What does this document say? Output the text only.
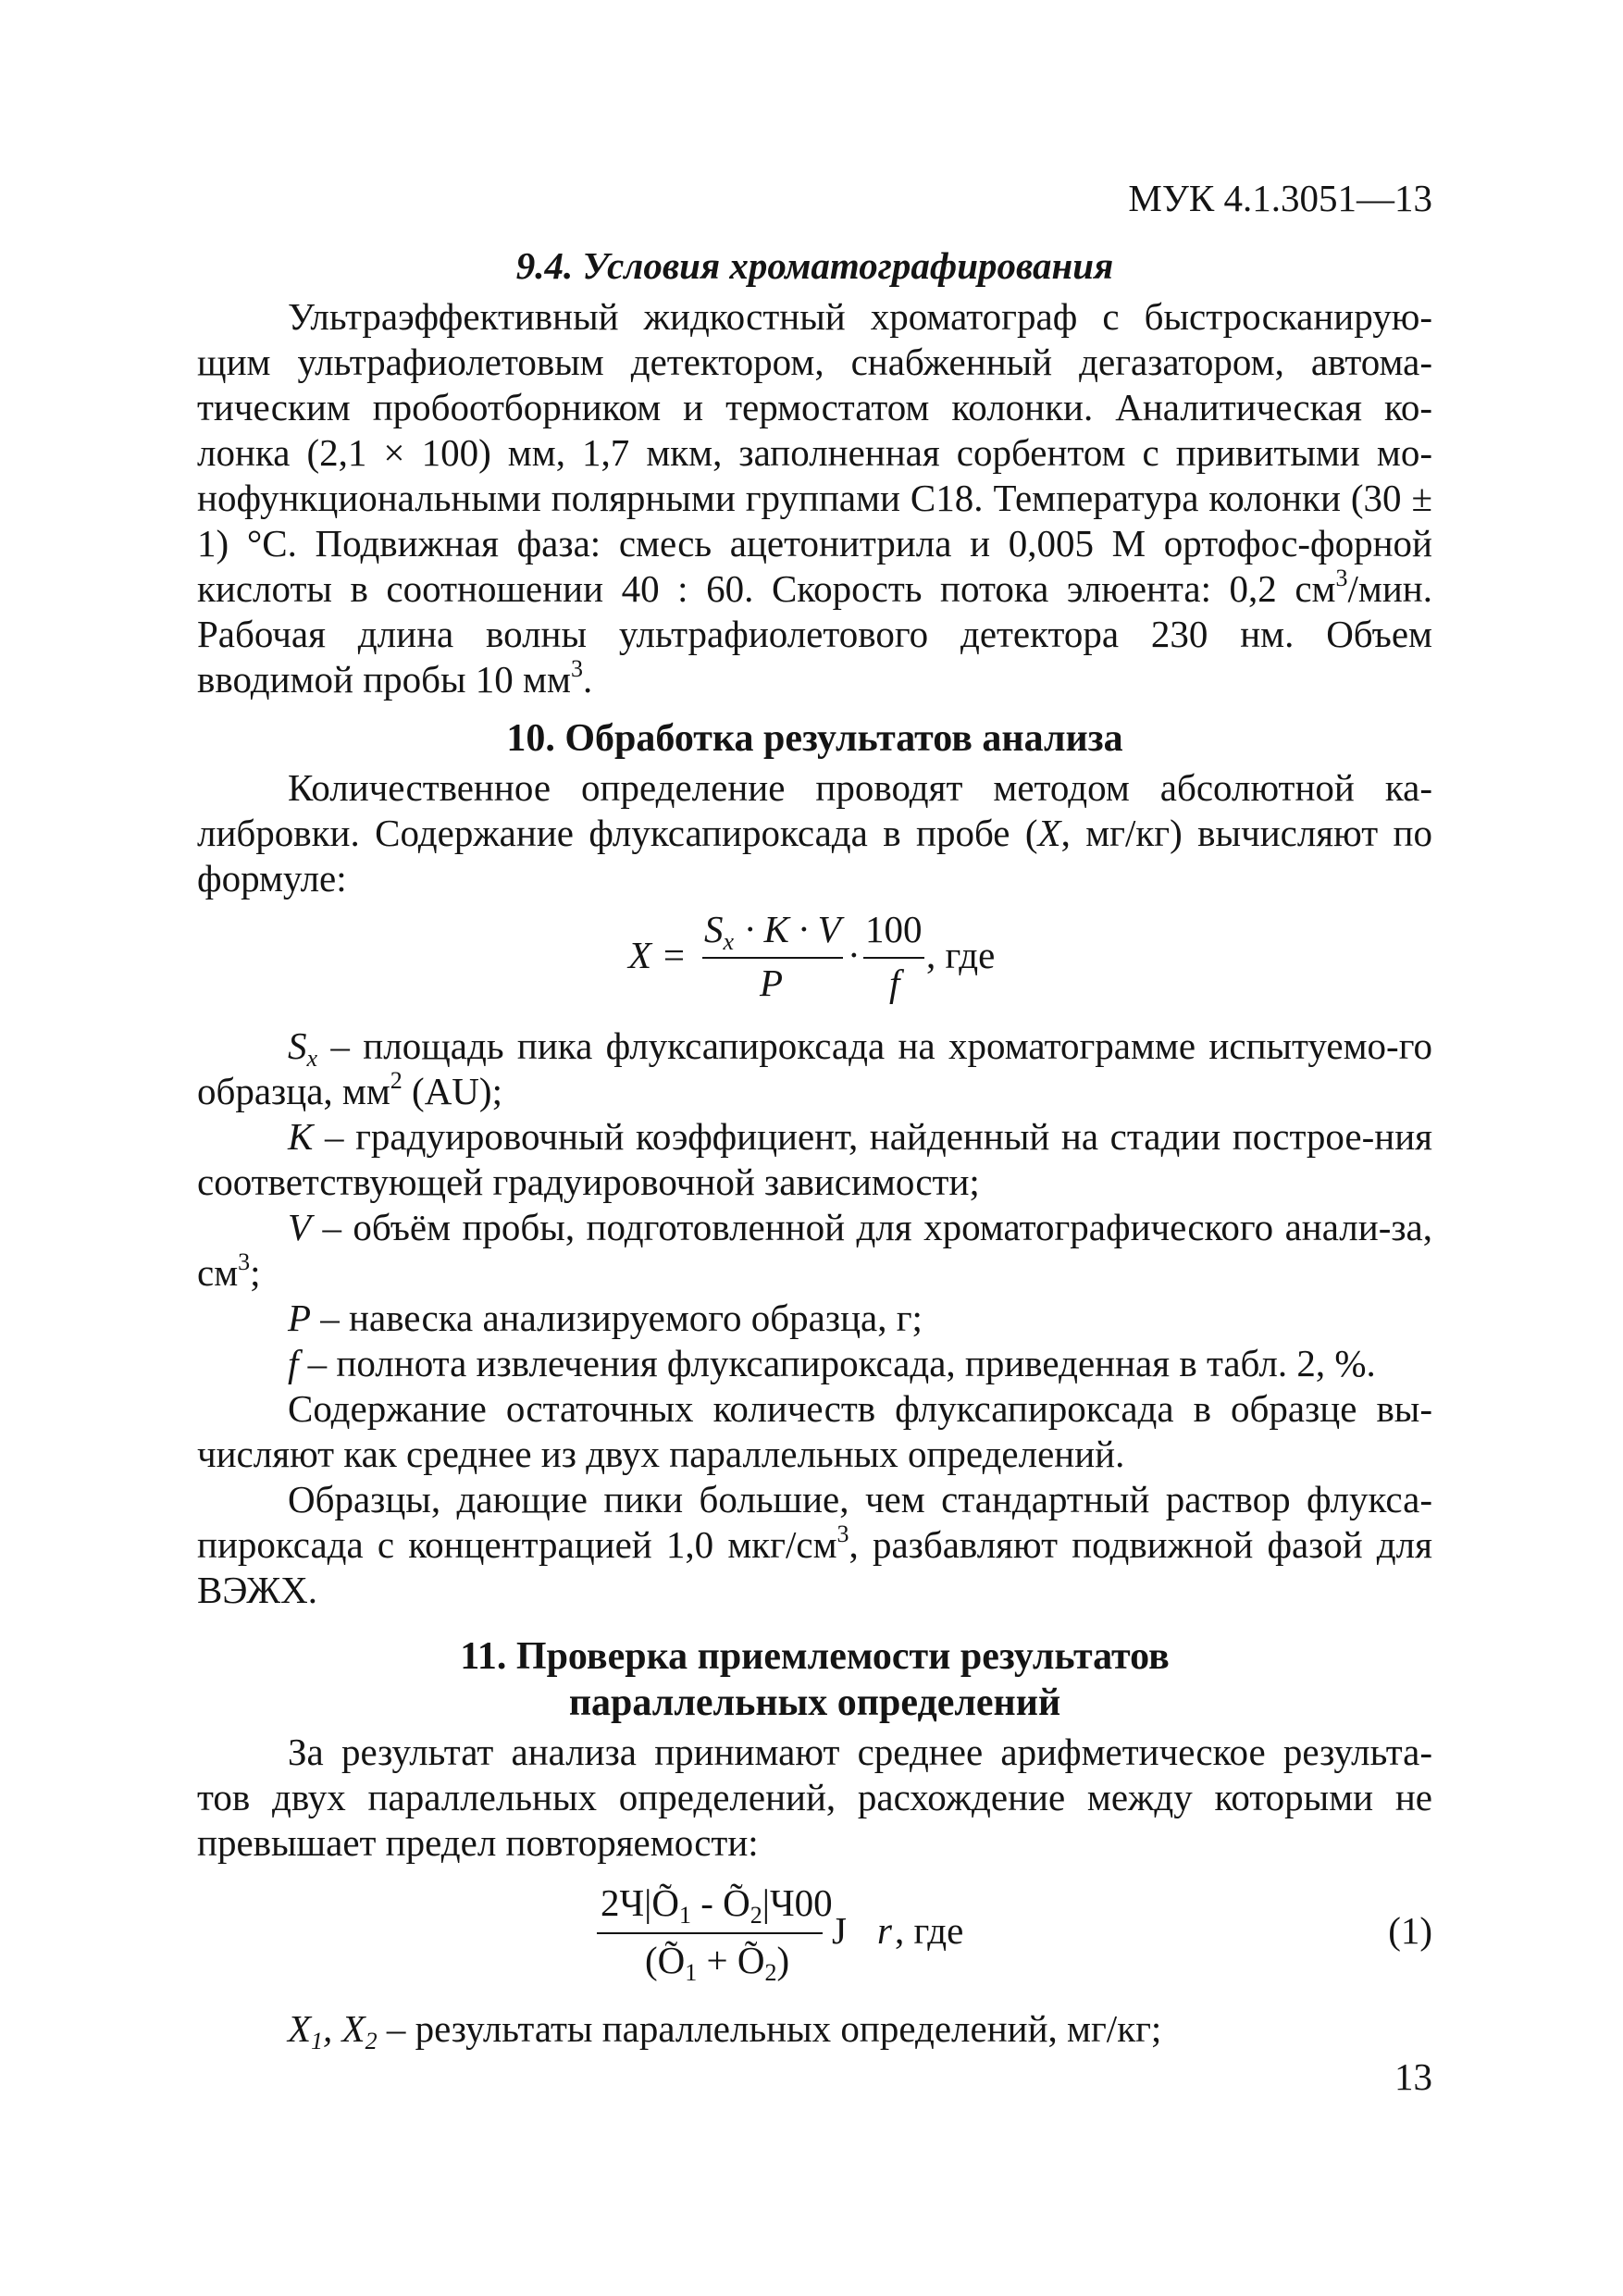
МУК 4.1.3051—13
9.4. Условия хроматографирования

Ультраэффективный жидкостный хроматограф с быстросканирую-щим ультрафиолетовым детектором, снабженный дегазатором, автома-тическим пробоотборником и термостатом колонки. Аналитическая ко-лонка (2,1 × 100) мм, 1,7 мкм, заполненная сорбентом с привитыми мо-нофункциональными полярными группами С18. Температура колонки (30 ± 1) °С. Подвижная фаза: смесь ацетонитрила и 0,005 М ортофос-форной кислоты в соотношении 40 : 60. Скорость потока элюента: 0,2 $см^3$/мин. Рабочая длина волны ультрафиолетового детектора 230 нм. Объем вводимой пробы 10 $мм^3$.

10. Обработка результатов анализа

Количественное определение проводят методом абсолютной ка-либровки. Содержание флуксапироксада в пробе (Х, мг/кг) вычисляют по формуле:

X =
$S_x \cdot K \cdot V$
P
·
100
f
, где

$S_x$ – площадь пика флуксапироксада на хроматограмме испытуемо-го образца, $мм^2$ (AU);

K – градуировочный коэффициент, найденный на стадии построе-ния соответствующей градуировочной зависимости;

V – объём пробы, подготовленной для хроматографического анали-за, $см^3$;

P – навеска анализируемого образца, г;

f – полнота извлечения флуксапироксада, приведенная в табл. 2, %.

Содержание остаточных количеств флуксапироксада в образце вы-числяют как среднее из двух параллельных определений.

Образцы, дающие пики большие, чем стандартный раствор флукса-пироксада с концентрацией 1,0 мкг/$см^3$, разбавляют подвижной фазой для ВЭЖХ.

11. Проверка приемлемости результатов
параллельных определений

За результат анализа принимают среднее арифметическое результа-тов двух параллельных определений, расхождение между которыми не превышает предел повторяемости:

$2Ч|Õ_1$ - $Õ_2|Ч00$
($Õ_1$ + $Õ_2$)
J r , где	(1)

$X_1$, $X_2$ – результаты параллельных определений, мг/кг;

13
